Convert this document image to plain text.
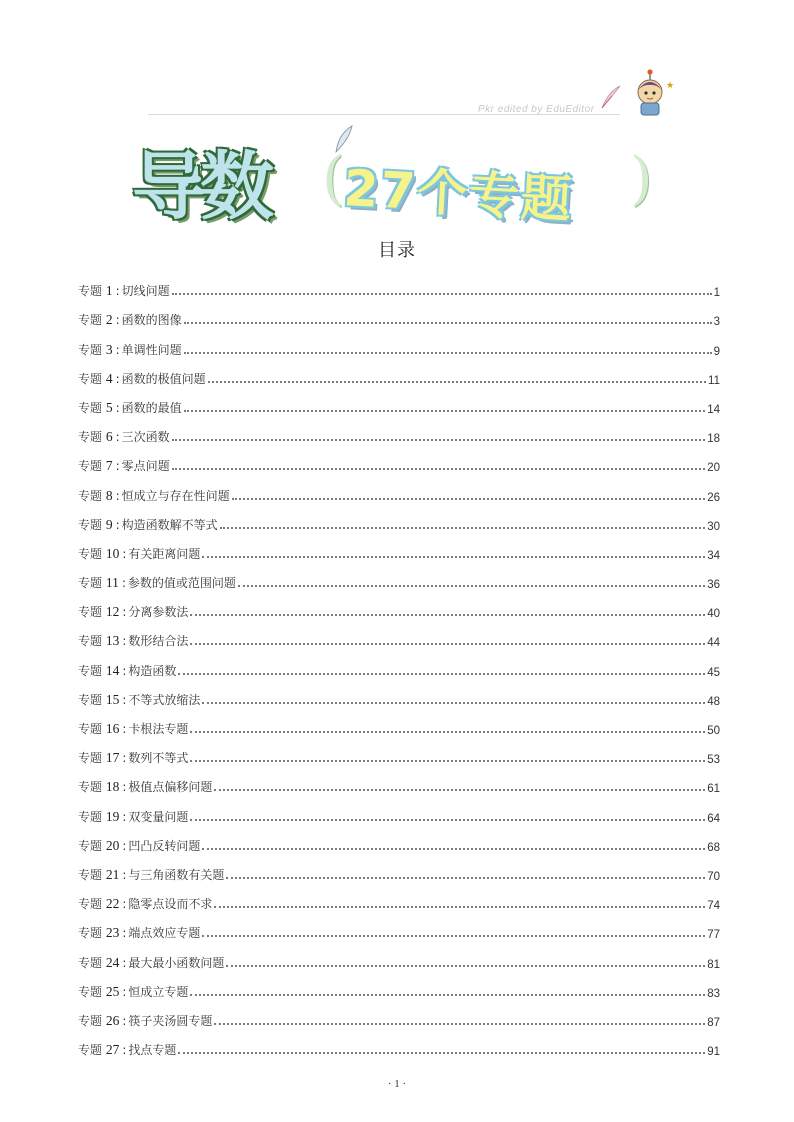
★
Pkr edited by EduEditor
导数 (
27个专题 )
目录
专题 1 : 切线问题	1
专题 2 : 函数的图像	3
专题 3 : 单调性问题	9
专题 4 : 函数的极值问题	11
专题 5 : 函数的最值	14
专题 6 : 三次函数	18
专题 7 : 零点问题	20
专题 8 : 恒成立与存在性问题	26
专题 9 : 构造函数解不等式	30
专题 10 : 有关距离问题	34
专题 11 : 参数的值或范围问题	36
专题 12 : 分离参数法	40
专题 13 : 数形结合法	44
专题 14 : 构造函数	45
专题 15 : 不等式放缩法	48
专题 16 : 卡根法专题	50
专题 17 : 数列不等式	53
专题 18 : 极值点偏移问题	61
专题 19 : 双变量问题	64
专题 20 : 凹凸反转问题	68
专题 21 : 与三角函数有关题	70
专题 22 : 隐零点设而不求	74
专题 23 : 端点效应专题	77
专题 24 : 最大最小函数问题	81
专题 25 : 恒成立专题	83
专题 26 : 筷子夹汤圆专题	87
专题 27 : 找点专题	91
· 1 ·
